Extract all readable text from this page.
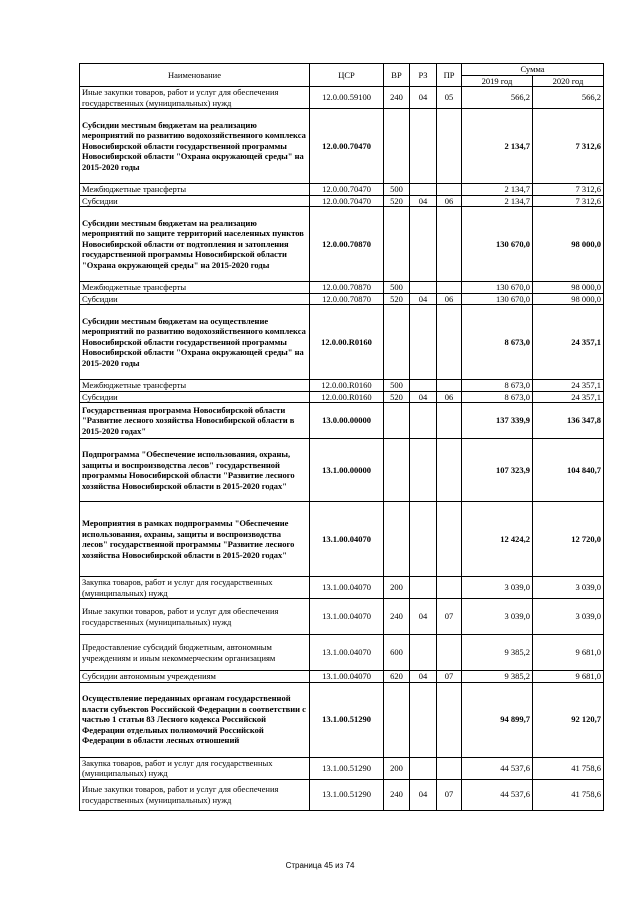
Наименование	ЦСР	ВР	РЗ	ПР	Сумма	
					2019 год	2020 год
Иные закупки товаров, работ и услуг для обеспечения государственных (муниципальных) нужд	12.0.00.59100	240	04	05	566,2	566,2
Субсидии местным бюджетам на реализацию мероприятий по развитию водохозяйственного комплекса Новосибирской области государственной программы Новосибирской области "Охрана окружающей среды" на 2015-2020 годы	12.0.00.70470				2 134,7	7 312,6
Межбюджетные трансферты	12.0.00.70470	500			2 134,7	7 312,6
Субсидии	12.0.00.70470	520	04	06	2 134,7	7 312,6
Субсидии местным бюджетам на реализацию мероприятий по защите территорий населенных пунктов Новосибирской области от подтопления и затопления государственной программы Новосибирской области "Охрана окружающей среды" на 2015-2020 годы	12.0.00.70870				130 670,0	98 000,0
Межбюджетные трансферты	12.0.00.70870	500			130 670,0	98 000,0
Субсидии	12.0.00.70870	520	04	06	130 670,0	98 000,0
Субсидии местным бюджетам на осуществление мероприятий по развитию водохозяйственного комплекса Новосибирской области государственной программы Новосибирской области "Охрана окружающей среды" на 2015-2020 годы	12.0.00.R0160				8 673,0	24 357,1
Межбюджетные трансферты	12.0.00.R0160	500			8 673,0	24 357,1
Субсидии	12.0.00.R0160	520	04	06	8 673,0	24 357,1
Государственная программа Новосибирской области "Развитие лесного хозяйства Новосибирской области в 2015-2020 годах"	13.0.00.00000				137 339,9	136 347,8
Подпрограмма "Обеспечение использования, охраны, защиты и воспроизводства лесов" государственной программы Новосибирской области "Развитие лесного хозяйства Новосибирской области в 2015-2020 годах"	13.1.00.00000				107 323,9	104 840,7
Мероприятия в рамках подпрограммы "Обеспечение использования, охраны, защиты и воспроизводства лесов" государственной программы "Развитие лесного хозяйства Новосибирской области в 2015-2020 годах"	13.1.00.04070				12 424,2	12 720,0
Закупка товаров, работ и услуг для государственных (муниципальных) нужд	13.1.00.04070	200			3 039,0	3 039,0
Иные закупки товаров, работ и услуг для обеспечения государственных (муниципальных) нужд	13.1.00.04070	240	04	07	3 039,0	3 039,0
Предоставление субсидий бюджетным, автономным учреждениям и иным некоммерческим организациям	13.1.00.04070	600			9 385,2	9 681,0
Субсидии автономным учреждениям	13.1.00.04070	620	04	07	9 385,2	9 681,0
Осуществление переданных органам государственной власти субъектов Российской Федерации в соответствии с частью 1 статьи 83 Лесного кодекса Российской Федерации отдельных полномочий Российской Федерации в области лесных отношений	13.1.00.51290				94 899,7	92 120,7
Закупка товаров, работ и услуг для государственных (муниципальных) нужд	13.1.00.51290	200			44 537,6	41 758,6
Иные закупки товаров, работ и услуг для обеспечения государственных (муниципальных) нужд	13.1.00.51290	240	04	07	44 537,6	41 758,6
Страница 45 из 74
